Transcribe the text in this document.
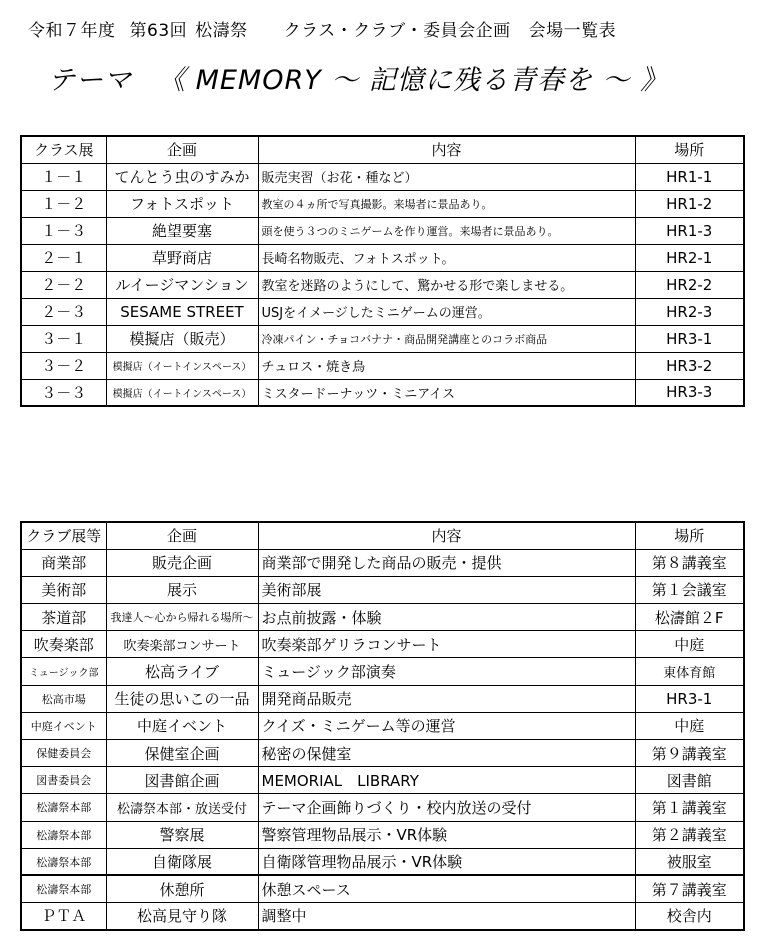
令和７年度 第63回 松濤祭 クラス・クラブ・委員会企画 会場一覧表
テーマ 《 MEMORY ～ 記憶に残る青春を ～ 》
クラス展	企画	内容	場所
１－１	てんとう虫のすみか	販売実習（お花・種など）	HR1-1
１－２	フォトスポット	教室の４ヵ所で写真撮影。来場者に景品あり。	HR1-2
１－３	絶望要塞	頭を使う３つのミニゲームを作り運営。来場者に景品あり。	HR1-3
２－１	草野商店	長崎名物販売、フォトスポット。	HR2-1
２－２	ルイージマンション	教室を迷路のようにして、驚かせる形で楽しませる。	HR2-2
２－３	SESAME STREET	USJをイメージしたミニゲームの運営。	HR2-3
３－１	模擬店（販売）	冷凍パイン・チョコバナナ・商品開発講座とのコラボ商品	HR3-1
３－２	模擬店（イートインスペース）	チュロス・焼き鳥	HR3-2
３－３	模擬店（イートインスペース）	ミスタードーナッツ・ミニアイス	HR3-3
クラブ展等	企画	内容	場所
商業部	販売企画	商業部で開発した商品の販売・提供	第８講義室
美術部	展示	美術部展	第１会議室
茶道部	我達人～心から帰れる場所～	お点前披露・体験	松濤館２F
吹奏楽部	吹奏楽部コンサート	吹奏楽部ゲリラコンサート	中庭
ミュージック部	松高ライブ	ミュージック部演奏	東体育館
松高市場	生徒の思いこの一品	開発商品販売	HR3-1
中庭イベント	中庭イベント	クイズ・ミニゲーム等の運営	中庭
保健委員会	保健室企画	秘密の保健室	第９講義室
図書委員会	図書館企画	MEMORIAL　LIBRARY	図書館
松濤祭本部	松濤祭本部・放送受付	テーマ企画飾りづくり・校内放送の受付	第１講義室
松濤祭本部	警察展	警察管理物品展示・VR体験	第２講義室
松濤祭本部	自衛隊展	自衛隊管理物品展示・VR体験	被服室
松濤祭本部	休憩所	休憩スペース	第７講義室
ＰＴＡ	松高見守り隊	調整中	校舎内
